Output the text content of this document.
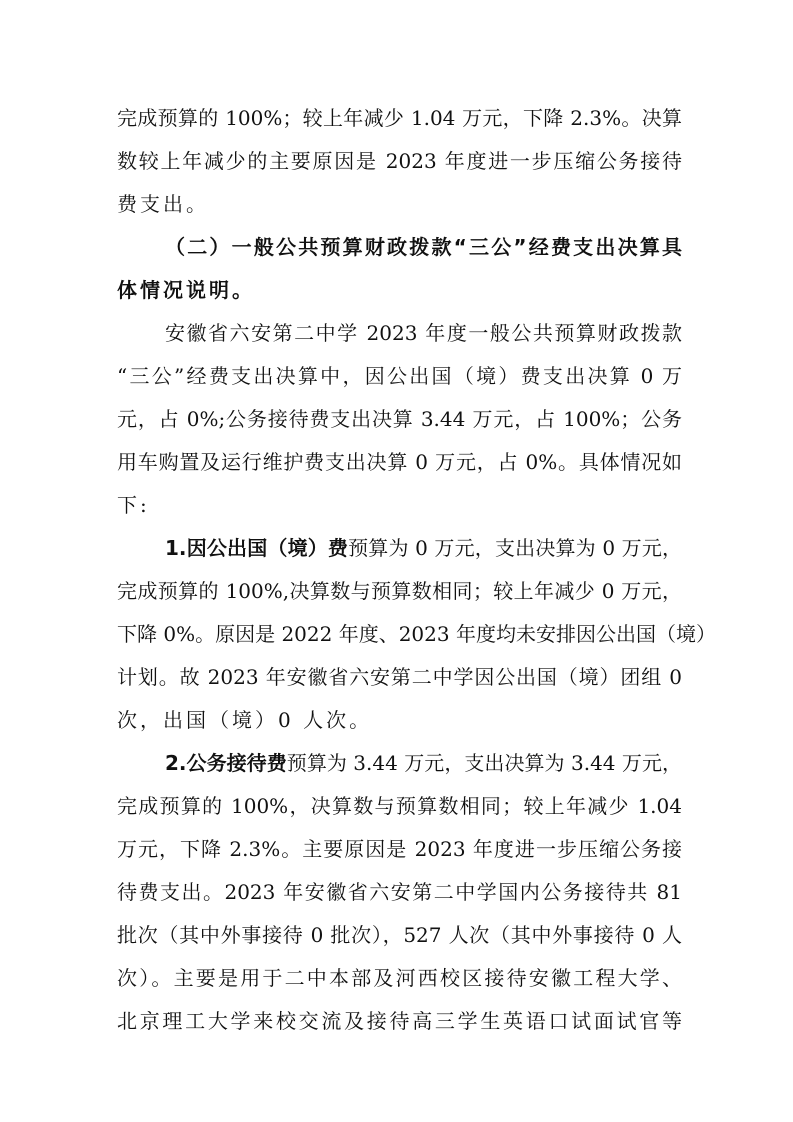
完成预算的 100%；较上年减少 1.04 万元，下降 2.3%。决算
数较上年减少的主要原因是 2023 年度进一步压缩公务接待
费支出。
（二）一般公共预算财政拨款“三公”经费支出决算具
体情况说明。
安徽省六安第二中学 2023 年度一般公共预算财政拨款
“三公”经费支出决算中，因公出国（境）费支出决算 0 万
元，占 0%;公务接待费支出决算 3.44 万元，占 100%；公务
用车购置及运行维护费支出决算 0 万元，占 0%。具体情况如
下:
1.因公出国（境）费预算为 0 万元，支出决算为 0 万元，
完成预算的 100%,决算数与预算数相同；较上年减少 0 万元，
下降 0%。原因是 2022 年度、2023 年度均未安排因公出国（境）
计划。故 2023 年安徽省六安第二中学因公出国（境）团组 0
次，出国（境）0 人次。
2.公务接待费预算为 3.44 万元，支出决算为 3.44 万元，
完成预算的 100%，决算数与预算数相同；较上年减少 1.04
万元，下降 2.3%。主要原因是 2023 年度进一步压缩公务接
待费支出。2023 年安徽省六安第二中学国内公务接待共 81
批次（其中外事接待 0 批次），527 人次（其中外事接待 0 人
次）。主要是用于二中本部及河西校区接待安徽工程大学、
北京理工大学来校交流及接待高三学生英语口试面试官等
